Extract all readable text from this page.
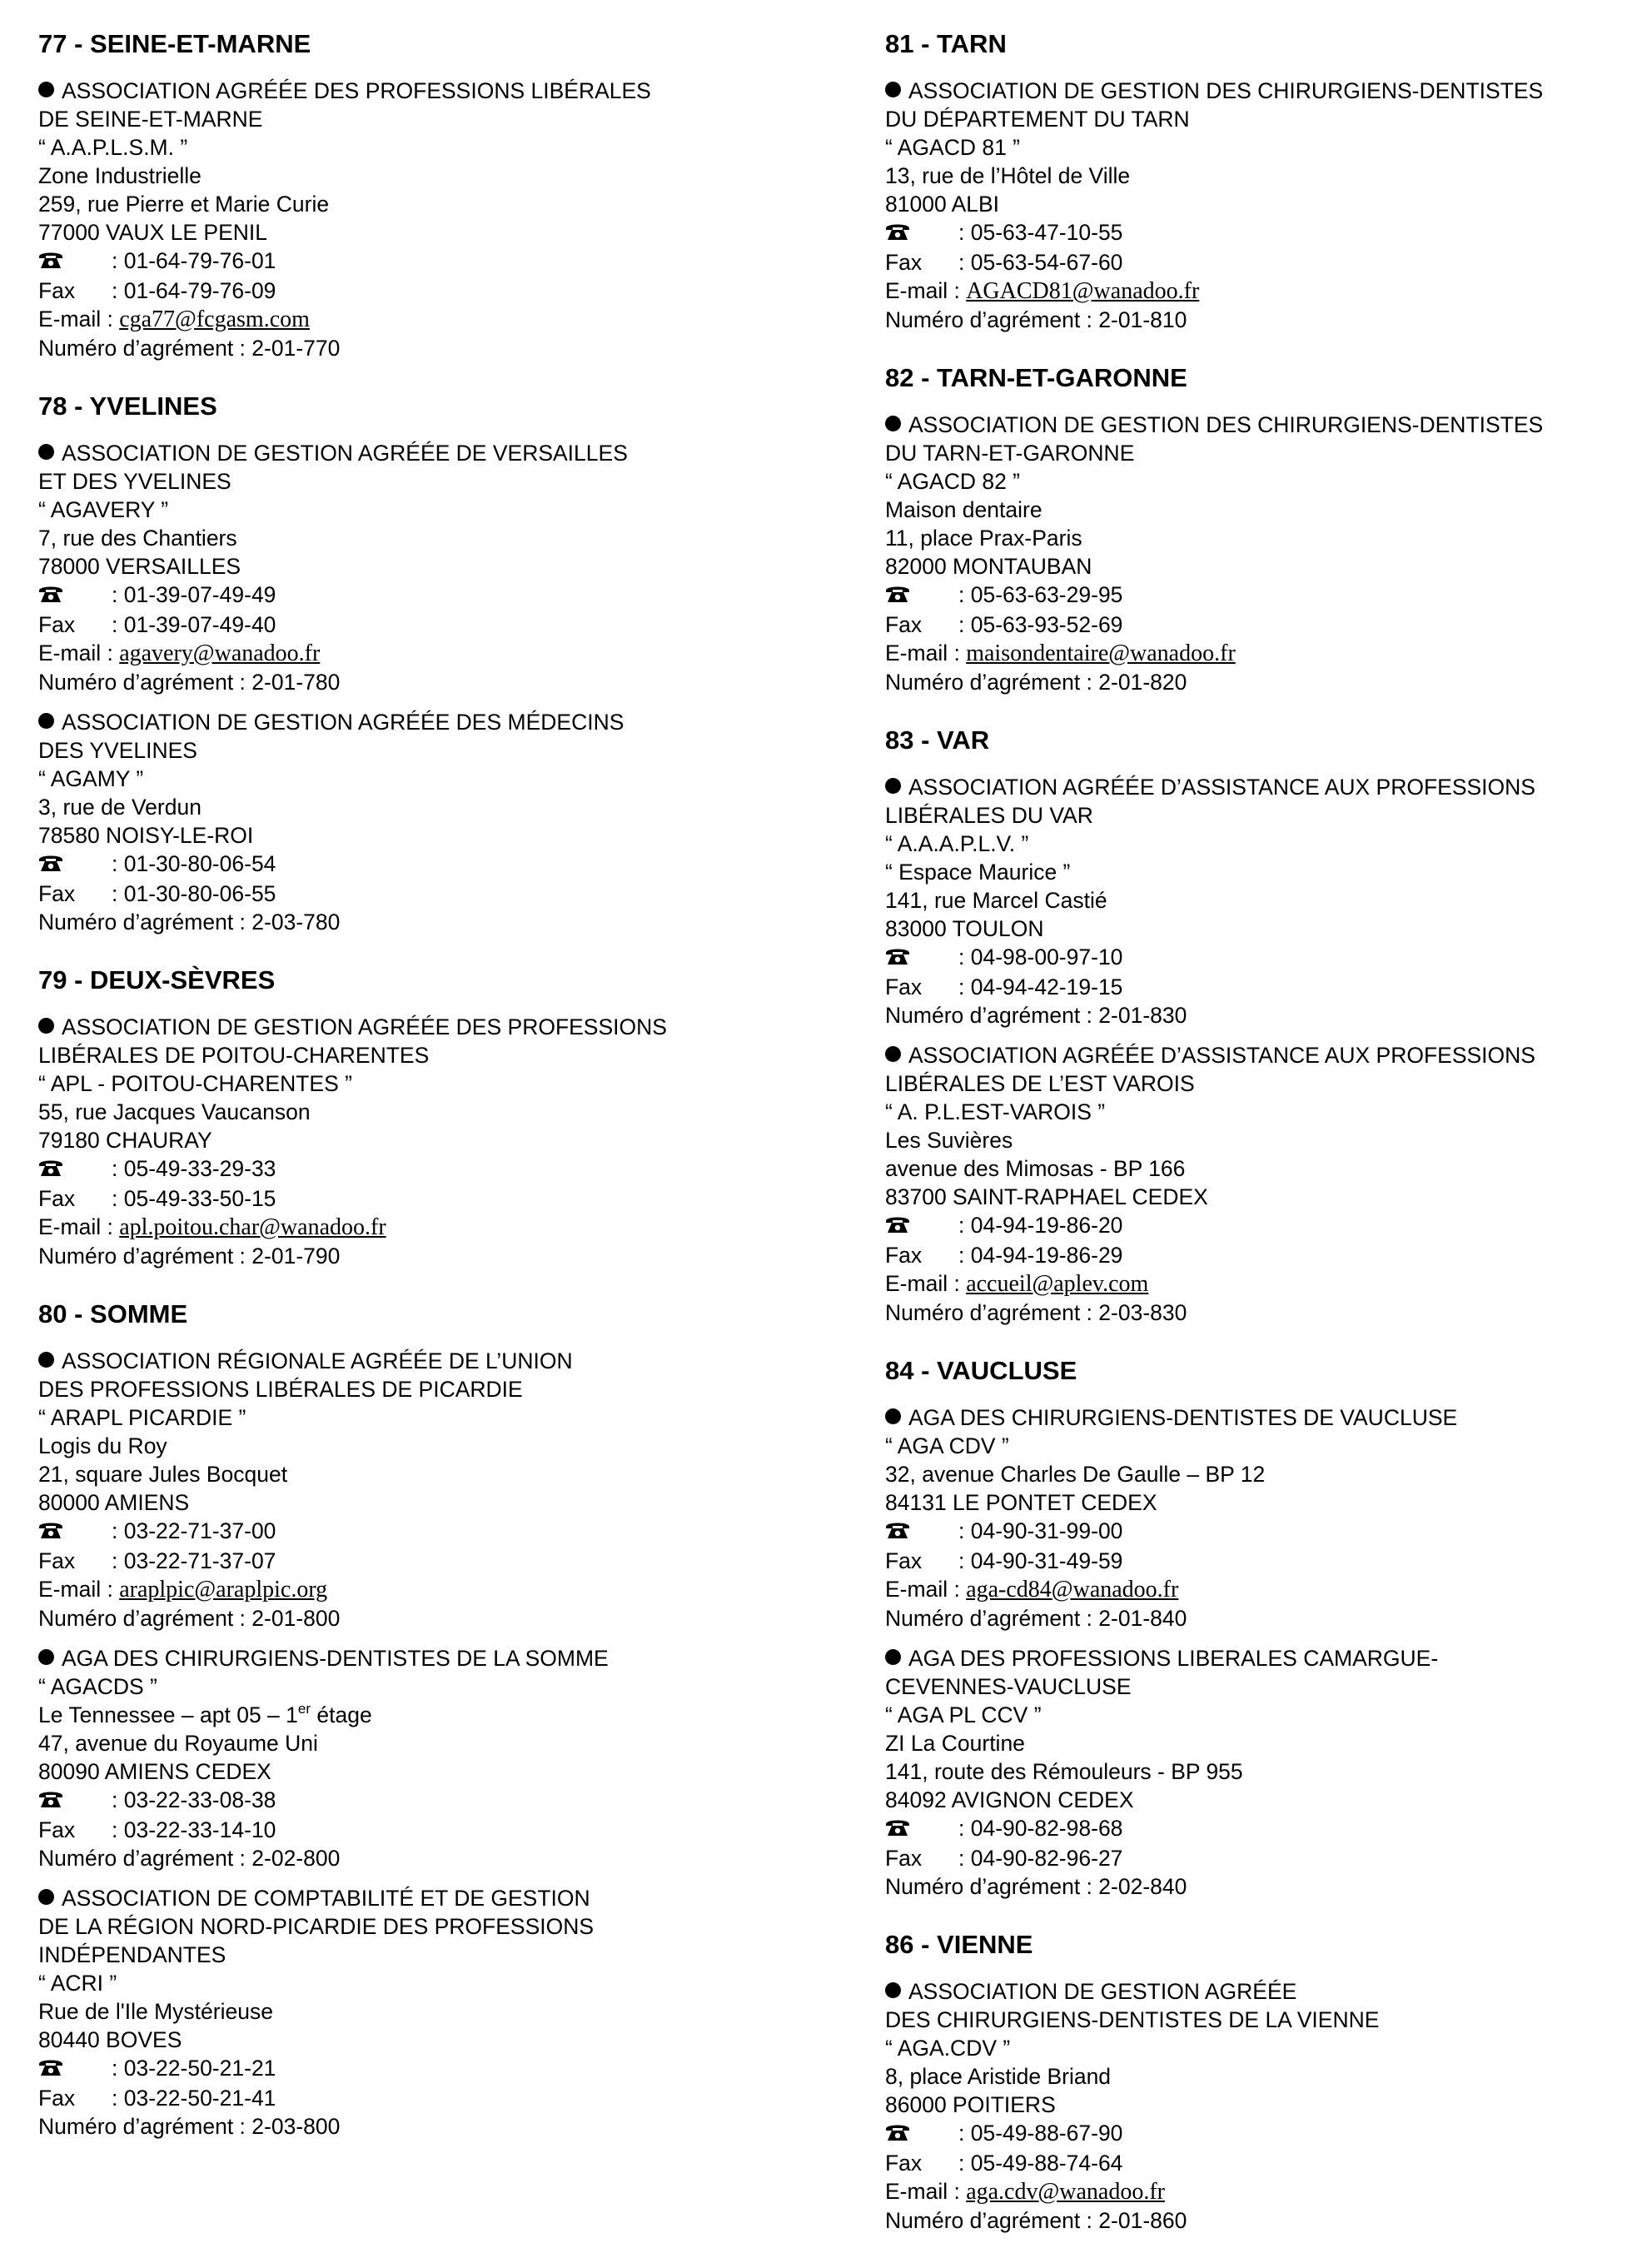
77 - SEINE-ET-MARNE
ASSOCIATION AGRÉÉE DES PROFESSIONS LIBÉRALES
DE SEINE-ET-MARNE
“ A.A.P.L.S.M. ”
Zone Industrielle
259, rue Pierre et Marie Curie
77000 VAUX LE PENIL
: 01-64-79-76-01
Fax : 01-64-79-76-09
E-mail : cga77@fcgasm.com
Numéro d’agrément : 2-01-770
78 - YVELINES
ASSOCIATION DE GESTION AGRÉÉE DE VERSAILLES
ET DES YVELINES
“ AGAVERY ”
7, rue des Chantiers
78000 VERSAILLES
: 01-39-07-49-49
Fax : 01-39-07-49-40
E-mail : agavery@wanadoo.fr
Numéro d’agrément : 2-01-780
ASSOCIATION DE GESTION AGRÉÉE DES MÉDECINS
DES YVELINES
“ AGAMY ”
3, rue de Verdun
78580 NOISY-LE-ROI
: 01-30-80-06-54
Fax : 01-30-80-06-55
Numéro d’agrément : 2-03-780
79 - DEUX-SÈVRES
ASSOCIATION DE GESTION AGRÉÉE DES PROFESSIONS
LIBÉRALES DE POITOU-CHARENTES
“ APL - POITOU-CHARENTES ”
55, rue Jacques Vaucanson
79180 CHAURAY
: 05-49-33-29-33
Fax : 05-49-33-50-15
E-mail : apl.poitou.char@wanadoo.fr
Numéro d’agrément : 2-01-790
80 - SOMME
ASSOCIATION RÉGIONALE AGRÉÉE DE L’UNION
DES PROFESSIONS LIBÉRALES DE PICARDIE
“ ARAPL PICARDIE ”
Logis du Roy
21, square Jules Bocquet
80000 AMIENS
: 03-22-71-37-00
Fax : 03-22-71-37-07
E-mail : araplpic@araplpic.org
Numéro d’agrément : 2-01-800
AGA DES CHIRURGIENS-DENTISTES DE LA SOMME
“ AGACDS ”
Le Tennessee – apt 05 – 1er étage
47, avenue du Royaume Uni
80090 AMIENS CEDEX
: 03-22-33-08-38
Fax : 03-22-33-14-10
Numéro d’agrément : 2-02-800
ASSOCIATION DE COMPTABILITÉ ET DE GESTION
DE LA RÉGION NORD-PICARDIE DES PROFESSIONS
INDÉPENDANTES
“ ACRI ”
Rue de l'Ile Mystérieuse
80440 BOVES
: 03-22-50-21-21
Fax : 03-22-50-21-41
Numéro d’agrément : 2-03-800
81 - TARN
ASSOCIATION DE GESTION DES CHIRURGIENS-DENTISTES
DU DÉPARTEMENT DU TARN
“ AGACD 81 ”
13, rue de l’Hôtel de Ville
81000 ALBI
: 05-63-47-10-55
Fax : 05-63-54-67-60
E-mail : AGACD81@wanadoo.fr
Numéro d’agrément : 2-01-810
82 - TARN-ET-GARONNE
ASSOCIATION DE GESTION DES CHIRURGIENS-DENTISTES
DU TARN-ET-GARONNE
“ AGACD 82 ”
Maison dentaire
11, place Prax-Paris
82000 MONTAUBAN
: 05-63-63-29-95
Fax : 05-63-93-52-69
E-mail : maisondentaire@wanadoo.fr
Numéro d’agrément : 2-01-820
83 - VAR
ASSOCIATION AGRÉÉE D’ASSISTANCE AUX PROFESSIONS
LIBÉRALES DU VAR
“ A.A.A.P.L.V. ”
“ Espace Maurice ”
141, rue Marcel Castié
83000 TOULON
: 04-98-00-97-10
Fax : 04-94-42-19-15
Numéro d’agrément : 2-01-830
ASSOCIATION AGRÉÉE D’ASSISTANCE AUX PROFESSIONS
LIBÉRALES DE L’EST VAROIS
“ A. P.L.EST-VAROIS ”
Les Suvières
avenue des Mimosas - BP 166
83700 SAINT-RAPHAEL CEDEX
: 04-94-19-86-20
Fax : 04-94-19-86-29
E-mail : accueil@aplev.com
Numéro d’agrément : 2-03-830
84 - VAUCLUSE
AGA DES CHIRURGIENS-DENTISTES DE VAUCLUSE
“ AGA CDV ”
32, avenue Charles De Gaulle – BP 12
84131 LE PONTET CEDEX
: 04-90-31-99-00
Fax : 04-90-31-49-59
E-mail : aga-cd84@wanadoo.fr
Numéro d’agrément : 2-01-840
AGA DES PROFESSIONS LIBERALES CAMARGUE-
CEVENNES-VAUCLUSE
“ AGA PL CCV ”
ZI La Courtine
141, route des Rémouleurs - BP 955
84092 AVIGNON CEDEX
: 04-90-82-98-68
Fax : 04-90-82-96-27
Numéro d’agrément : 2-02-840
86 - VIENNE
ASSOCIATION DE GESTION AGRÉÉE
DES CHIRURGIENS-DENTISTES DE LA VIENNE
“ AGA.CDV ”
8, place Aristide Briand
86000 POITIERS
: 05-49-88-67-90
Fax : 05-49-88-74-64
E-mail : aga.cdv@wanadoo.fr
Numéro d’agrément : 2-01-860
